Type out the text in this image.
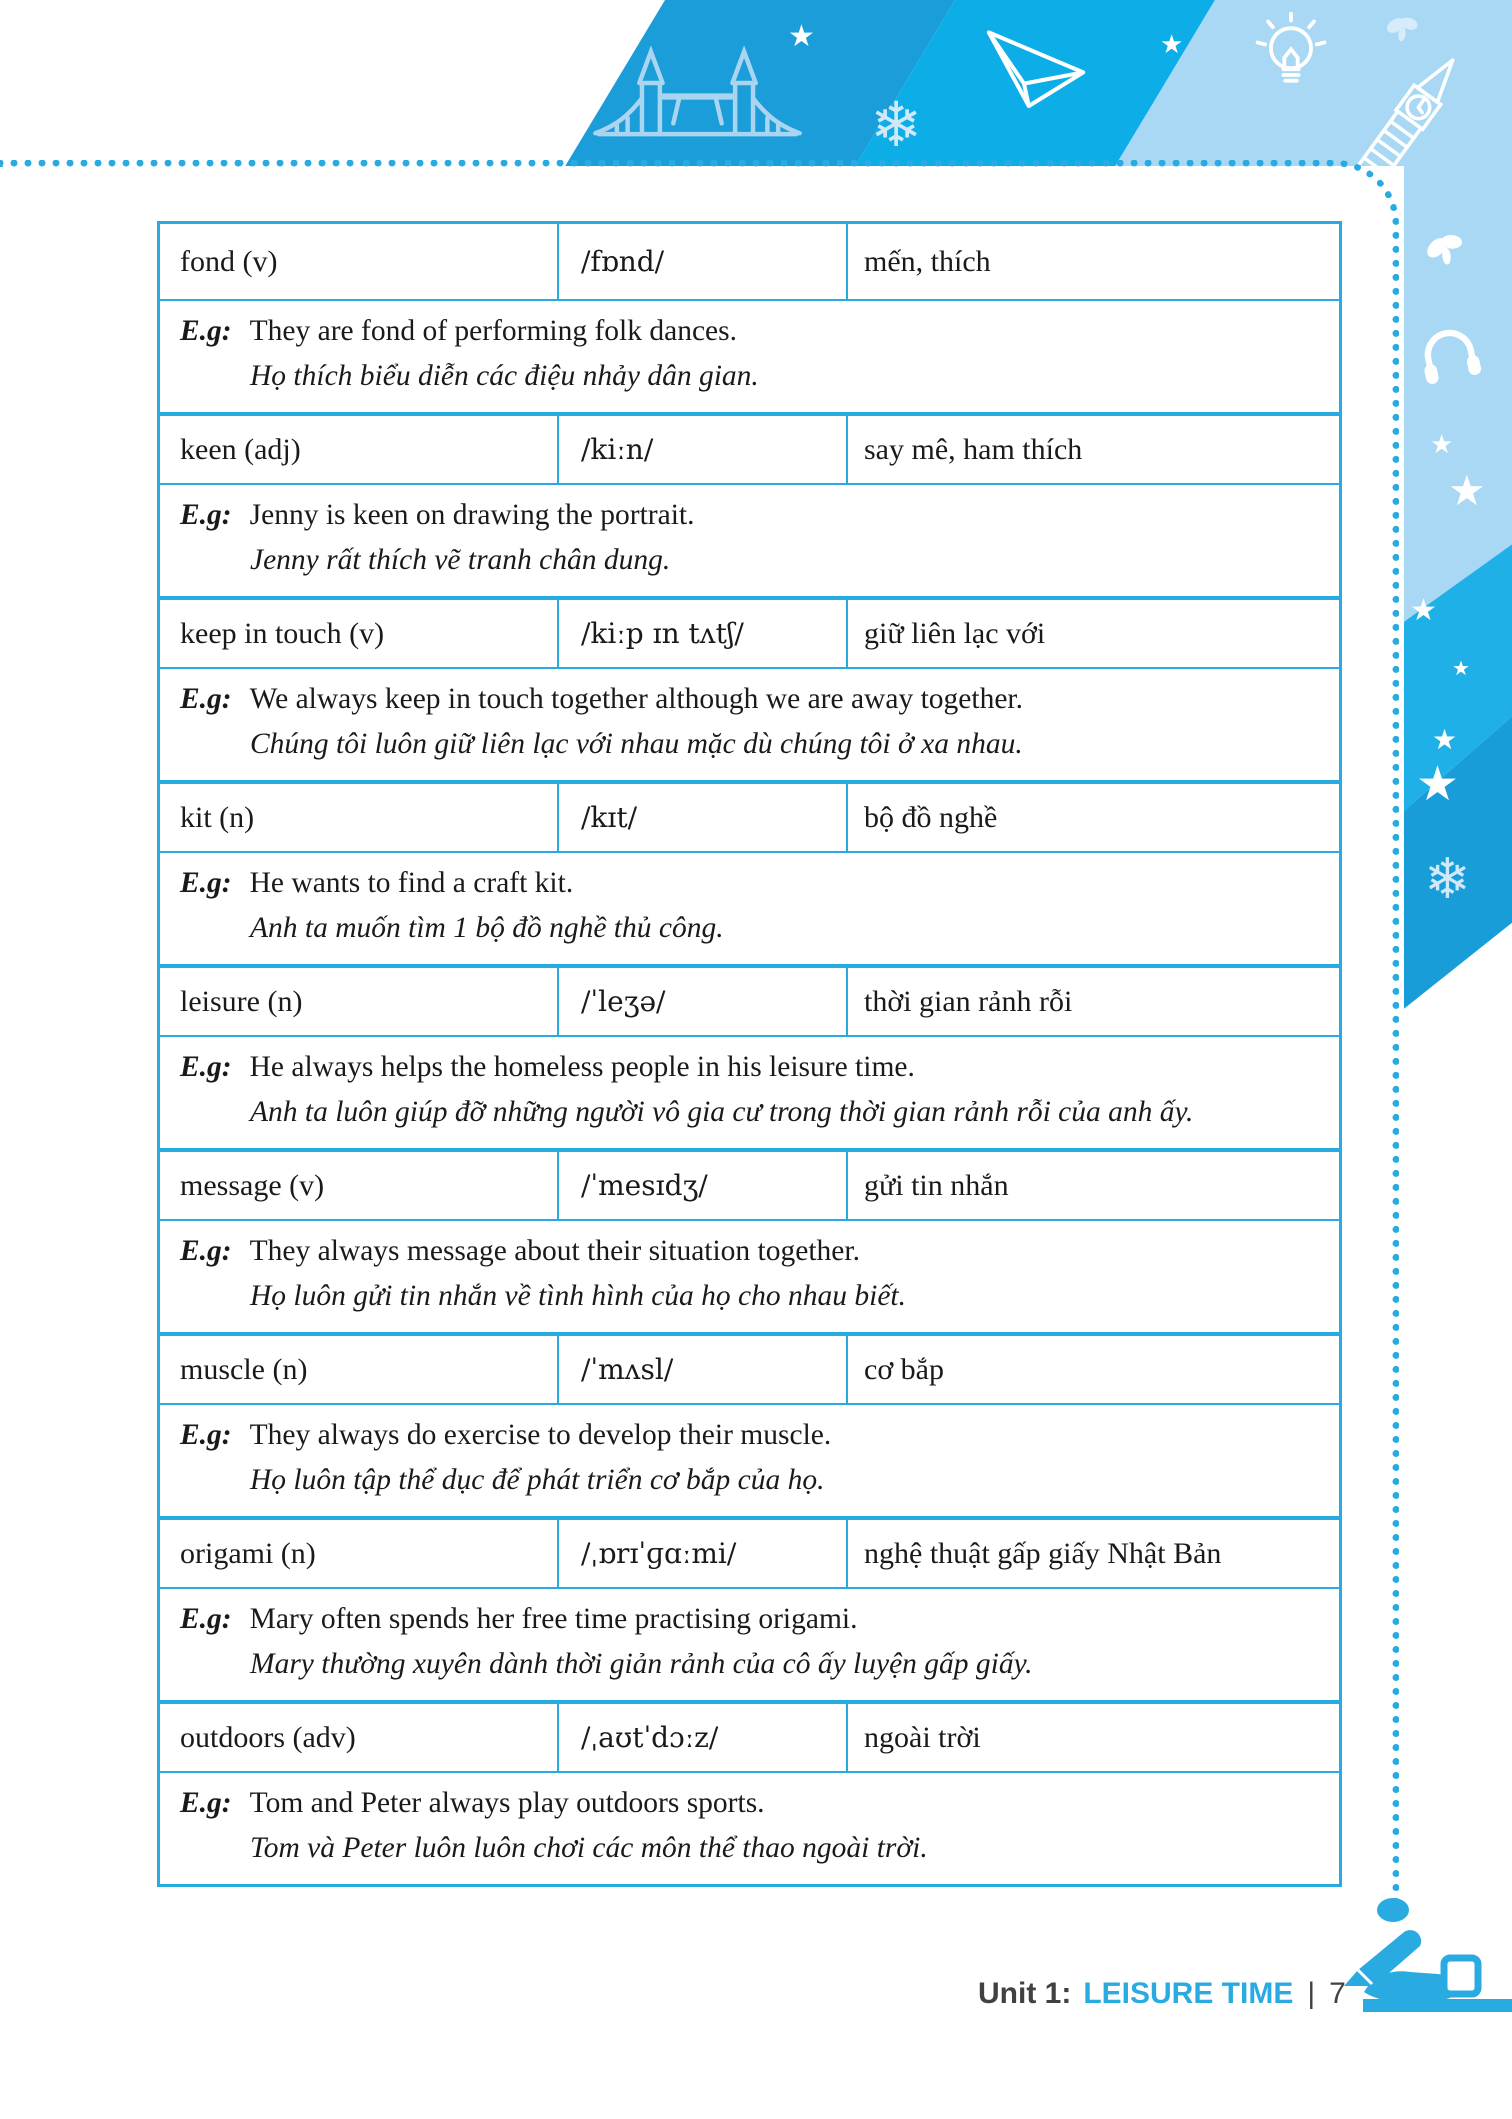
★
❄
★
★
★
★
★
★
★
❄
fond (v)	/fɒnd/	mến, thích
E.g: They are fond of performing folk dances.
Họ thích biểu diễn các điệu nhảy dân gian.
keen (adj)	/kiːn/	say mê, ham thích
E.g: Jenny is keen on drawing the portrait.
Jenny rất thích vẽ tranh chân dung.
keep in touch (v)	/kiːp ɪn tʌtʃ/	giữ liên lạc với
E.g: We always keep in touch together although we are away together.
Chúng tôi luôn giữ liên lạc với nhau mặc dù chúng tôi ở xa nhau.
kit (n)	/kɪt/	bộ đồ nghề
E.g: He wants to find a craft kit.
Anh ta muốn tìm 1 bộ đồ nghề thủ công.
leisure (n)	/ˈleʒə/	thời gian rảnh rỗi
E.g: He always helps the homeless people in his leisure time.
Anh ta luôn giúp đỡ những người vô gia cư trong thời gian rảnh rỗi của anh ấy.
message (v)	/ˈmesɪdʒ/	gửi tin nhắn
E.g: They always message about their situation together.
Họ luôn gửi tin nhắn về tình hình của họ cho nhau biết.
muscle (n)	/ˈmʌsl/	cơ bắp
E.g: They always do exercise to develop their muscle.
Họ luôn tập thể dục để phát triển cơ bắp của họ.
origami (n)	/ˌɒrɪˈɡɑːmi/	nghệ thuật gấp giấy Nhật Bản
E.g: Mary often spends her free time practising origami.
Mary thường xuyên dành thời giản rảnh của cô ấy luyện gấp giấy.
outdoors (adv)	/ˌaʊtˈdɔːz/	ngoài trời
E.g: Tom and Peter always play outdoors sports.
Tom và Peter luôn luôn chơi các môn thể thao ngoài trời.
Unit 1: LEISURE TIME | 7
